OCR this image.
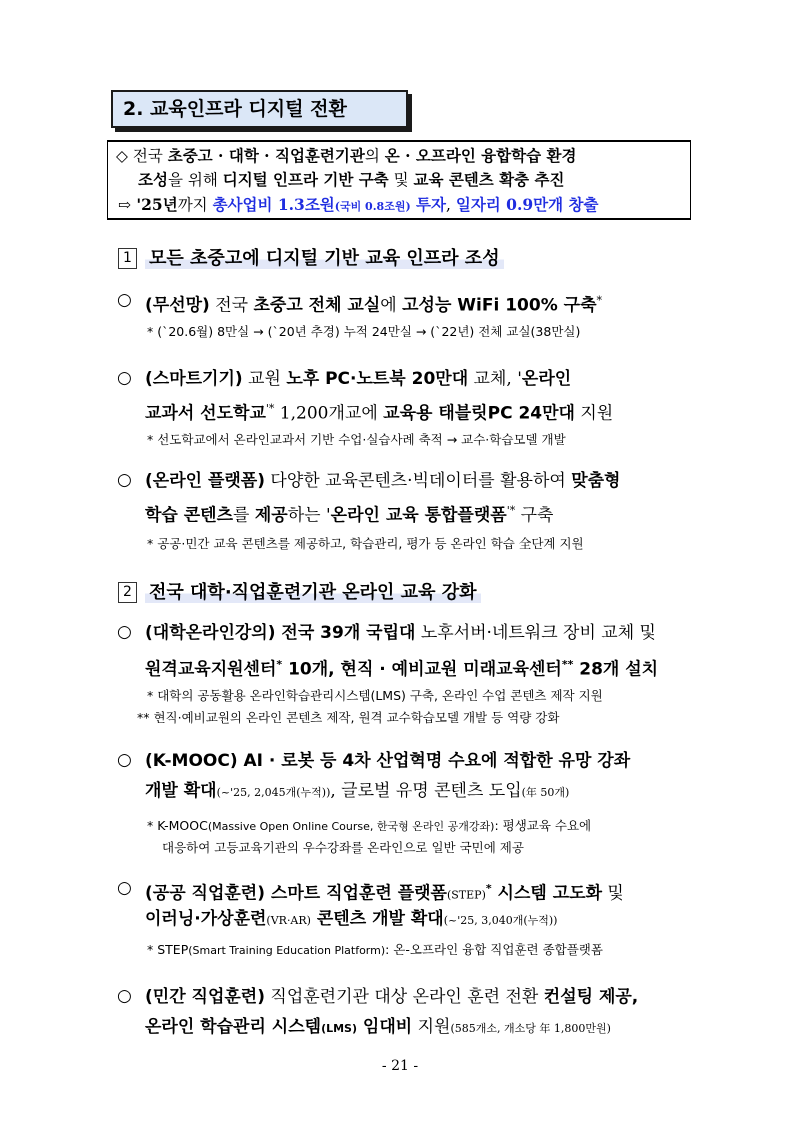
2. 교육인프라 디지털 전환
◇ 전국 초중고 · 대학 · 직업훈련기관의 온 · 오프라인 융합학습 환경
조성을 위해 디지털 인프라 기반 구축 및 교육 콘텐츠 확충 추진
⇨ '25년까지 총사업비 1.3조원(국비 0.8조원) 투자, 일자리 0.9만개 창출
1 모든 초중고에 디지털 기반 교육 인프라 조성
○ (무선망) 전국 초중고 전체 교실에 고성능 WiFi 100% 구축*
* (`20.6월) 8만실 → (`20년 추경) 누적 24만실 → (`22년) 전체 교실(38만실)
○ (스마트기기) 교원 노후 PC·노트북 20만대 교체, '온라인
교과서 선도학교'* 1,200개교에 교육용 태블릿PC 24만대 지원
* 선도학교에서 온라인교과서 기반 수업·실습사례 축적 → 교수·학습모델 개발
○ (온라인 플랫폼) 다양한 교육콘텐츠·빅데이터를 활용하여 맞춤형
학습 콘텐츠를 제공하는 '온라인 교육 통합플랫폼'* 구축
* 공공·민간 교육 콘텐츠를 제공하고, 학습관리, 평가 등 온라인 학습 全단계 지원
2 전국 대학·직업훈련기관 온라인 교육 강화
○ (대학온라인강의) 전국 39개 국립대 노후서버·네트워크 장비 교체 및
원격교육지원센터* 10개, 현직 · 예비교원 미래교육센터** 28개 설치
* 대학의 공동활용 온라인학습관리시스템(LMS) 구축, 온라인 수업 콘텐츠 제작 지원
** 현직·예비교원의 온라인 콘텐츠 제작, 원격 교수학습모델 개발 등 역량 강화
○ (K-MOOC) AI · 로봇 등 4차 산업혁명 수요에 적합한 유망 강좌
개발 확대(~'25, 2,045개(누적)), 글로벌 유명 콘텐츠 도입(年 50개)
* K-MOOC(Massive Open Online Course, 한국형 온라인 공개강좌): 평생교육 수요에
대응하여 고등교육기관의 우수강좌를 온라인으로 일반 국민에 제공
○ (공공 직업훈련) 스마트 직업훈련 플랫폼(STEP)* 시스템 고도화 및
이러닝·가상훈련(VR·AR) 콘텐츠 개발 확대(~'25, 3,040개(누적))
* STEP(Smart Training Education Platform): 온-오프라인 융합 직업훈련 종합플랫폼
○ (민간 직업훈련) 직업훈련기관 대상 온라인 훈련 전환 컨설팅 제공,
온라인 학습관리 시스템(LMS) 임대비 지원(585개소, 개소당 年 1,800만원)
- 21 -
